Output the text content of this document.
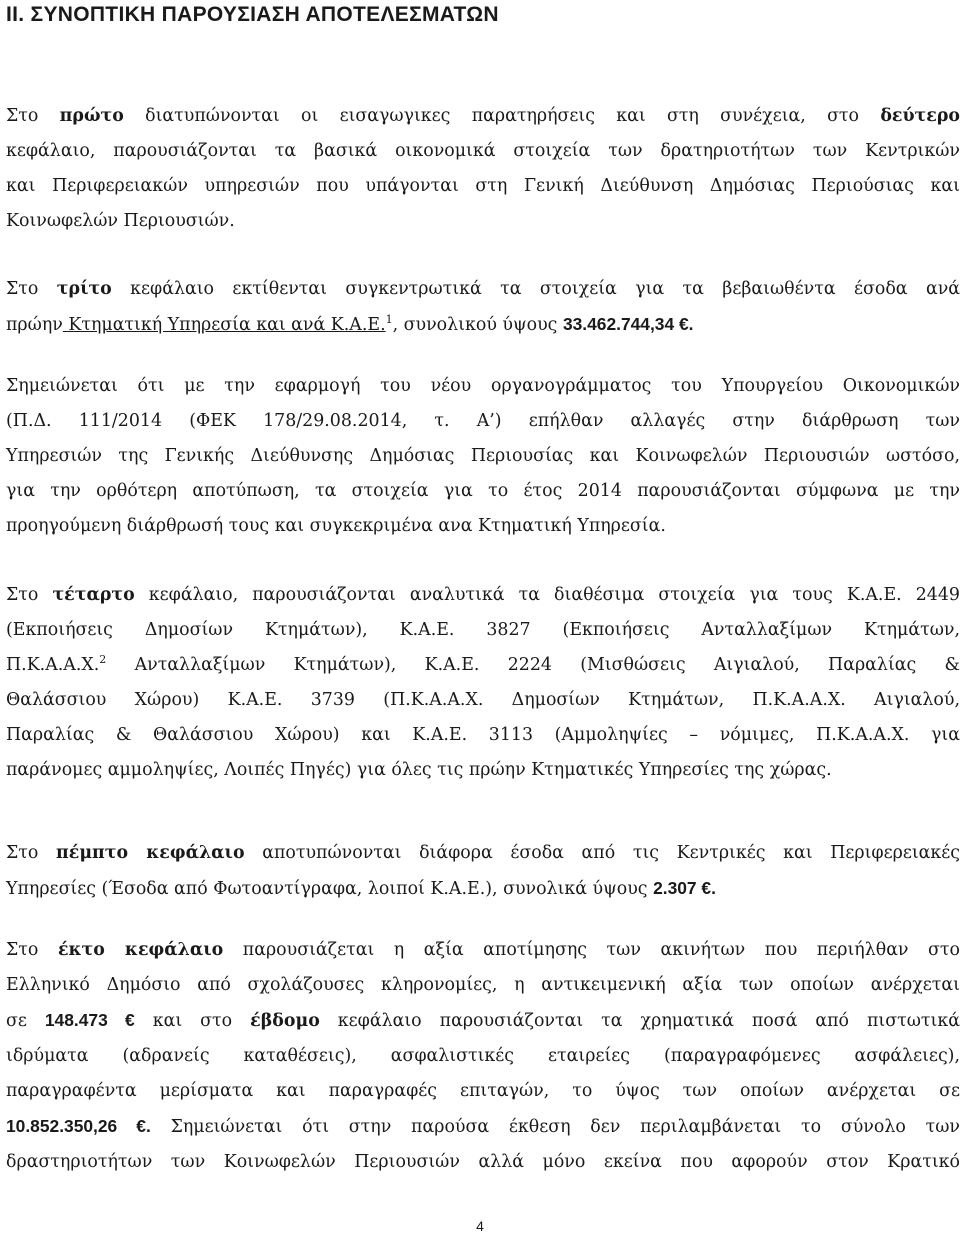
ΙΙ. ΣΥΝΟΠΤΙΚΗ ΠΑΡΟΥΣΙΑΣΗ ΑΠΟΤΕΛΕΣΜΑΤΩΝ

Στο πρώτο διατυπώνονται οι εισαγωγικες παρατηρήσεις και στη συνέχεια, στο δεύτερο
κεφάλαιο, παρουσιάζονται τα βασικά οικονομικά στοιχεία των δρατηριοτήτων των Κεντρικών
και Περιφερειακών υπηρεσιών που υπάγονται στη Γενική Διεύθυνση Δημόσιας Περιούσιας και
Κοινωφελών Περιουσιών.

Στο τρίτο κεφάλαιο εκτίθενται συγκεντρωτικά τα στοιχεία για τα βεβαιωθέντα έσοδα ανά
πρώην Κτηματική Υπηρεσία και ανά Κ.Α.Ε.$^1$, συνολικού ύψους 33.462.744,34 €.

Σημειώνεται ότι με την εφαρμογή του νέου οργανογράμματος του Υπουργείου Οικονομικών
(Π.Δ. 111/2014 (ΦΕΚ 178/29.08.2014, τ. Α’) επήλθαν αλλαγές στην διάρθρωση των
Υπηρεσιών της Γενικής Διεύθυνσης Δημόσιας Περιουσίας και Κοινωφελών Περιουσιών ωστόσο,
για την ορθότερη αποτύπωση, τα στοιχεία για το έτος 2014 παρουσιάζονται σύμφωνα με την
προηγούμενη διάρθρωσή τους και συγκεκριμένα ανα Κτηματική Υπηρεσία.

Στο τέταρτο κεφάλαιο, παρουσιάζονται αναλυτικά τα διαθέσιμα στοιχεία για τους Κ.Α.Ε. 2449
(Εκποιήσεις Δημοσίων Κτημάτων), Κ.Α.Ε. 3827 (Εκποιήσεις Ανταλλαξίμων Κτημάτων,
Π.Κ.Α.Α.Χ.$^2$ Ανταλλαξίμων Κτημάτων), Κ.Α.Ε. 2224 (Μισθώσεις Αιγιαλού, Παραλίας &
Θαλάσσιου Χώρου) Κ.Α.Ε. 3739 (Π.Κ.Α.Α.Χ. Δημοσίων Κτημάτων, Π.Κ.Α.Α.Χ. Αιγιαλού,
Παραλίας & Θαλάσσιου Χώρου) και Κ.Α.Ε. 3113 (Αμμοληψίες – νόμιμες, Π.Κ.Α.Α.Χ. για
παράνομες αμμοληψίες, Λοιπές Πηγές) για όλες τις πρώην Κτηματικές Υπηρεσίες της χώρας.

Στο πέμπτο κεφάλαιο αποτυπώνονται διάφορα έσοδα από τις Κεντρικές και Περιφερειακές
Υπηρεσίες (Έσοδα από Φωτοαντίγραφα, λοιποί Κ.Α.Ε.), συνολικά ύψους 2.307 €.

Στο έκτο κεφάλαιο παρουσιάζεται η αξία αποτίμησης των ακινήτων που περιήλθαν στο
Ελληνικό Δημόσιο από σχολάζουσες κληρονομίες, η αντικειμενική αξία των οποίων ανέρχεται
σε 148.473 € και στο έβδομο κεφάλαιο παρουσιάζονται τα χρηματικά ποσά από πιστωτικά
ιδρύματα (αδρανείς καταθέσεις), ασφαλιστικές εταιρείες (παραγραφόμενες ασφάλειες),
παραγραφέντα μερίσματα και παραγραφές επιταγών, το ύψος των οποίων ανέρχεται σε
10.852.350,26 €. Σημειώνεται ότι στην παρούσα έκθεση δεν περιλαμβάνεται το σύνολο των
δραστηριοτήτων των Κοινωφελών Περιουσιών αλλά μόνο εκείνα που αφορούν στον Κρατικό

4
